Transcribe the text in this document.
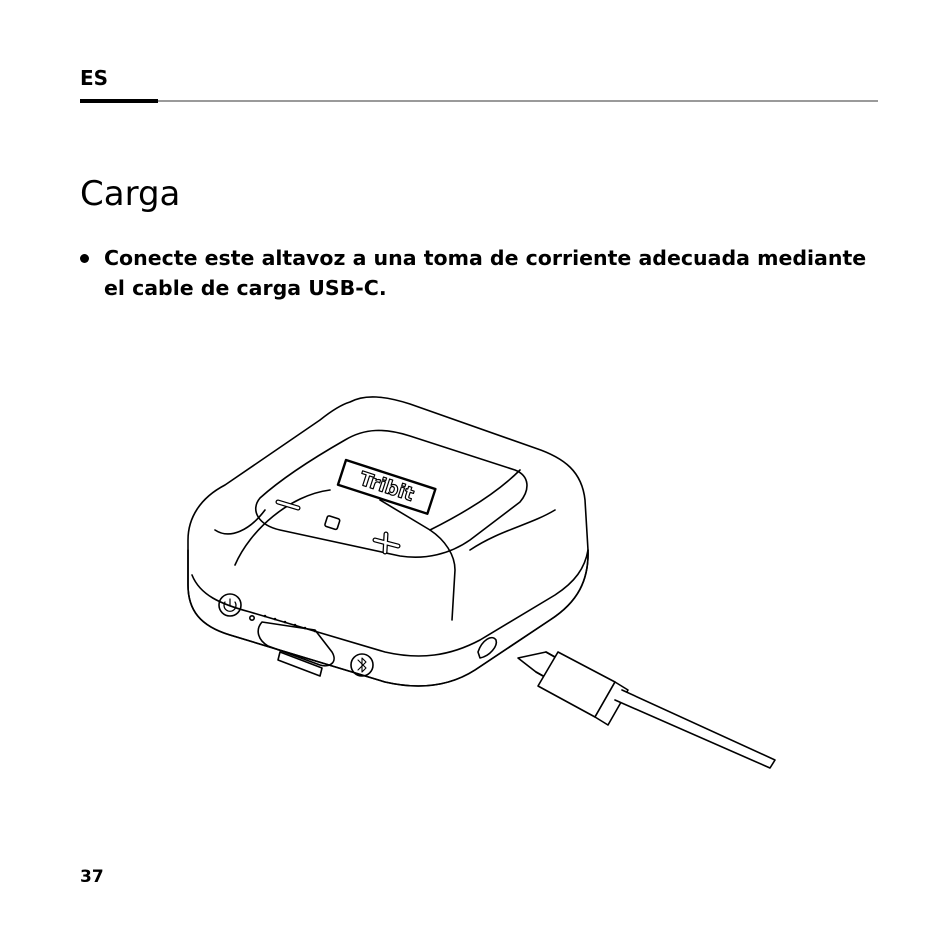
ES
Carga
Conecte este altavoz a una toma de corriente adecuada mediante el cable de carga USB-C.
Tribit
37
